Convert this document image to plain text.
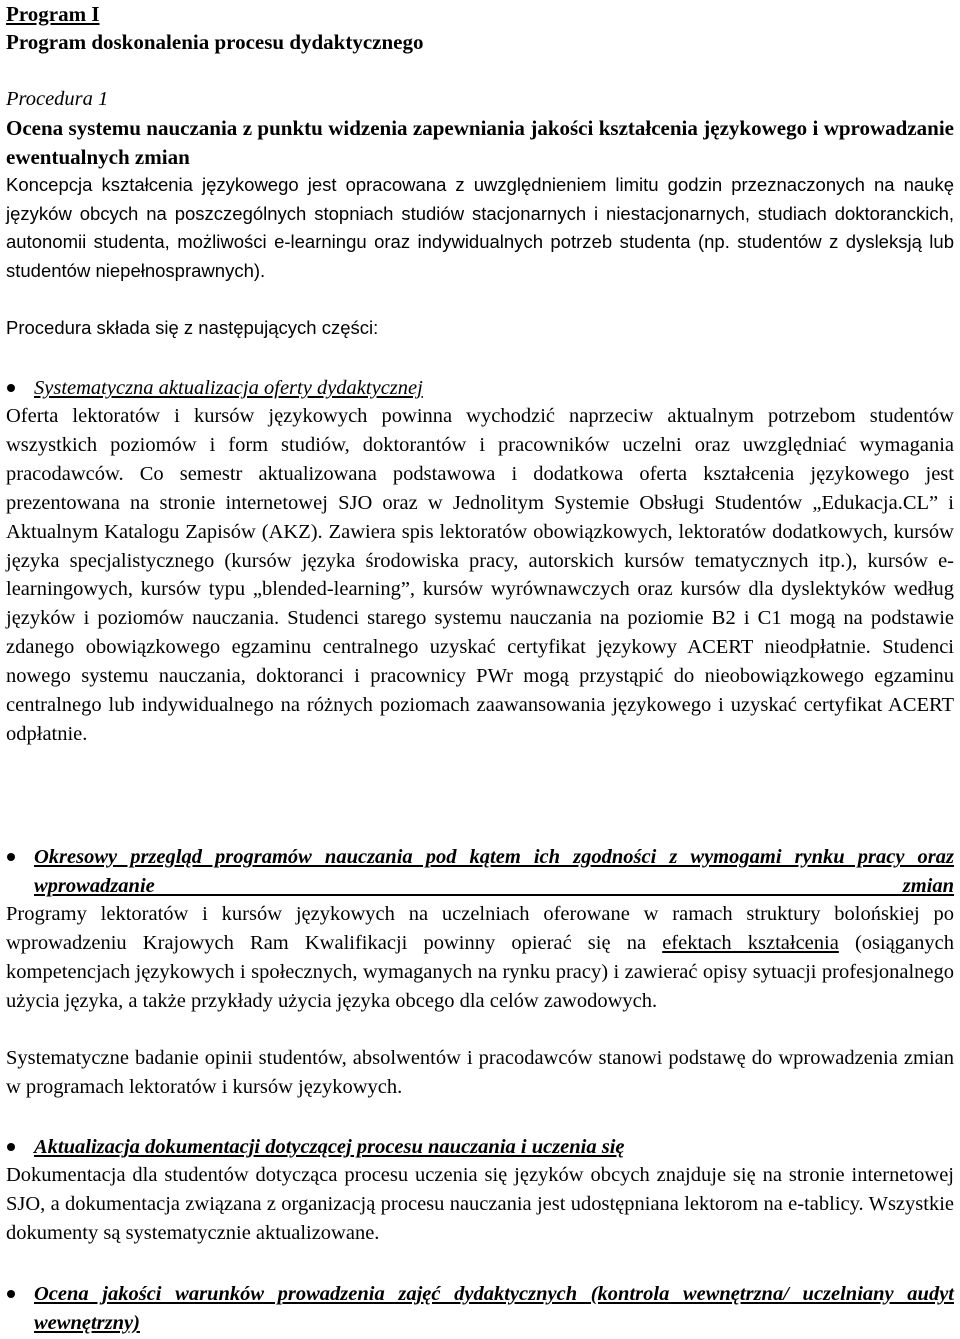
Program I
Program doskonalenia procesu dydaktycznego
Procedura 1
Ocena systemu nauczania z punktu widzenia zapewniania jakości kształcenia językowego i wprowadzanie ewentualnych zmian
Koncepcja kształcenia językowego jest opracowana z uwzględnieniem limitu godzin przeznaczonych na naukę języków obcych na poszczególnych stopniach studiów stacjonarnych i niestacjonarnych, studiach doktoranckich, autonomii studenta, możliwości e-learningu oraz indywidualnych potrzeb studenta (np. studentów z dysleksją lub studentów niepełnosprawnych).
Procedura składa się z następujących części:
Systematyczna aktualizacja oferty dydaktycznej
Oferta lektoratów i kursów językowych powinna wychodzić naprzeciw aktualnym potrzebom studentów wszystkich poziomów i form studiów, doktorantów i pracowników uczelni oraz uwzględniać wymagania pracodawców. Co semestr aktualizowana podstawowa i dodatkowa oferta kształcenia językowego jest prezentowana na stronie internetowej SJO oraz w Jednolitym Systemie Obsługi Studentów „Edukacja.CL” i Aktualnym Katalogu Zapisów (AKZ). Zawiera spis lektoratów obowiązkowych, lektoratów dodatkowych, kursów języka specjalistycznego (kursów języka środowiska pracy, autorskich kursów tematycznych itp.), kursów e-learningowych, kursów typu „blended-learning”, kursów wyrównawczych oraz kursów dla dyslektyków według języków i poziomów nauczania. Studenci starego systemu nauczania na poziomie B2 i C1 mogą na podstawie zdanego obowiązkowego egzaminu centralnego uzyskać certyfikat językowy ACERT nieodpłatnie. Studenci nowego systemu nauczania, doktoranci i pracownicy PWr mogą przystąpić do nieobowiązkowego egzaminu centralnego lub indywidualnego na różnych poziomach zaawansowania językowego i uzyskać certyfikat ACERT odpłatnie.
Okresowy przegląd programów nauczania pod kątem ich zgodności z wymogami rynku pracy oraz wprowadzanie zmian
Programy lektoratów i kursów językowych na uczelniach oferowane w ramach struktury bolońskiej po wprowadzeniu Krajowych Ram Kwalifikacji powinny opierać się na efektach kształcenia (osiąganych kompetencjach językowych i społecznych, wymaganych na rynku pracy) i zawierać opisy sytuacji profesjonalnego użycia języka, a także przykłady użycia języka obcego dla celów zawodowych.
Systematyczne badanie opinii studentów, absolwentów i pracodawców stanowi podstawę do wprowadzenia zmian w programach lektoratów i kursów językowych.
Aktualizacja dokumentacji dotyczącej procesu nauczania i uczenia się
Dokumentacja dla studentów dotycząca procesu uczenia się języków obcych znajduje się na stronie internetowej SJO, a dokumentacja związana z organizacją procesu nauczania jest udostępniana lektorom na e-tablicy. Wszystkie dokumenty są systematycznie aktualizowane.
Ocena jakości warunków prowadzenia zajęć dydaktycznych (kontrola wewnętrzna/ uczelniany audyt wewnętrzny)
